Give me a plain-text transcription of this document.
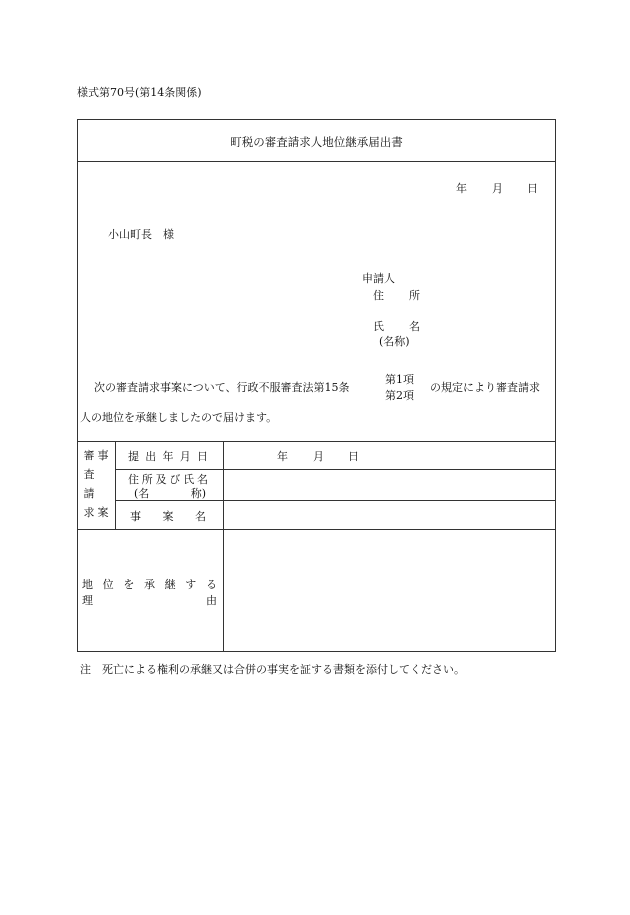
様式第70号(第14条関係)
町税の審査請求人地位継承届出書
年 月 日
小山町長　様
申請人
住 所
氏 名
(名称)
次の審査請求事案について、行政不服審査法第15条
第1項
第2項
の規定により審査請求
人の地位を承継しましたので届けます。
審 事
査
請
求 案
提 出 年 月 日	年 月 日
住 所 及 び 氏 名
(名	称)
事 案 名
地 位 を 承 継 す る
理	由
注　死亡による権利の承継又は合併の事実を証する書類を添付してください。
